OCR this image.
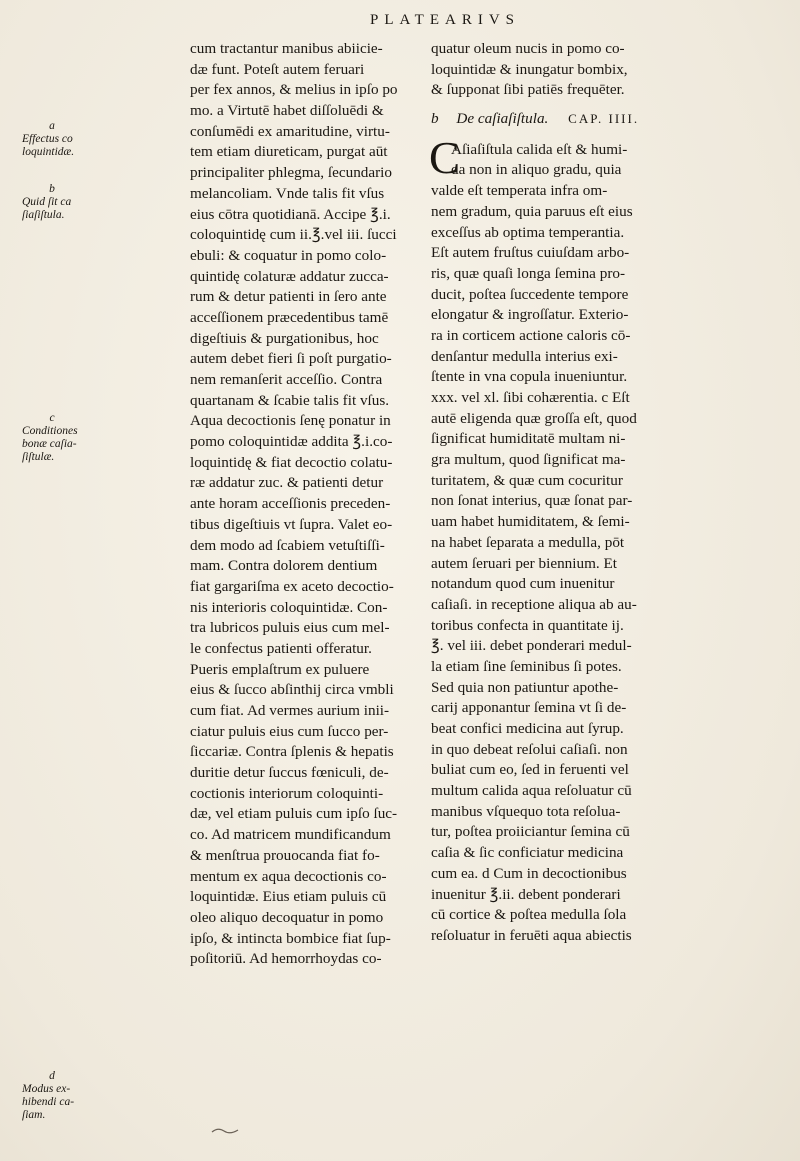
PLATEARIVS
a
Effectus co
loquintidæ.
b
Quid ſit ca
ſiaſiſtula.
c
Conditiones
bonæ caſia-
ſiſtulæ.
d
Modus ex-
hibendi ca-
ſiam.
cum tractantur manibus abiicie-
dæ funt. Poteſt autem feruari
per fex annos, & melius in ipſo po
mo. a Virtutē habet diſſoluēdi &
conſumēdi ex amaritudine, virtu-
tem etiam diureticam, purgat aūt
principaliter phlegma, ſecundario
melancoliam. Vnde talis fit vſus
eius cōtra quotidianā. Accipe ℥.i.
coloquintidę cum ii.℥.vel iii. ſucci
ebuli: & coquatur in pomo colo-
quintidę colaturæ addatur zucca-
rum & detur patienti in ſero ante
acceſſionem præcedentibus tamē
digeſtiuis & purgationibus, hoc
autem debet fieri ſi poſt purgatio-
nem remanſerit acceſſio. Contra
quartanam & ſcabie talis fit vſus.
Aqua decoctionis ſenę ponatur in
pomo coloquintidæ addita ℥.i.co-
loquintidę & fiat decoctio colatu-
ræ addatur zuc. & patienti detur
ante horam acceſſionis preceden-
tibus digeſtiuis vt ſupra. Valet eo-
dem modo ad ſcabiem vetuſtiſſi-
mam. Contra dolorem dentium
fiat gargariſma ex aceto decoctio-
nis interioris coloquintidæ. Con-
tra lubricos puluis eius cum mel-
le confectus patienti offeratur.
Pueris emplaſtrum ex puluere
eius & ſucco abſinthij circa vmbli
cum fiat. Ad vermes aurium inii-
ciatur puluis eius cum ſucco per-
ſiccariæ. Contra ſplenis & hepatis
duritie detur ſuccus fœniculi, de-
coctionis interiorum coloquinti-
dæ, vel etiam puluis cum ipſo ſuc-
co. Ad matricem mundificandum
& menſtrua prouocanda fiat fo-
mentum ex aqua decoctionis co-
loquintidæ. Eius etiam puluis cū
oleo aliquo decoquatur in pomo
ipſo, & intincta bombice fiat ſup-
poſitoriū. Ad hemorrhoydas co-
quatur oleum nucis in pomo co-
loquintidæ & inungatur bombix,
& ſupponat ſibi patiēs frequēter.
b De caſiaſiſtula. CAP. IIII.
C
Aſiaſiſtula calida eſt & humi-
da non in aliquo gradu, quia
valde eſt temperata infra om-
nem gradum, quia paruus eſt eius
exceſſus ab optima temperantia.
Eſt autem fruſtus cuiuſdam arbo-
ris, quæ quaſi longa ſemina pro-
ducit, poſtea ſuccedente tempore
elongatur & ingroſſatur. Exterio-
ra in corticem actione caloris cō-
denſantur medulla interius exi-
ſtente in vna copula inueniuntur.
xxx. vel xl. ſibi cohærentia. c Eſt
autē eligenda quæ groſſa eſt, quod
ſignificat humiditatē multam ni-
gra multum, quod ſignificat ma-
turitatem, & quæ cum cocuritur
non ſonat interius, quæ ſonat par-
uam habet humiditatem, & ſemi-
na habet ſeparata a medulla, pōt
autem ſeruari per biennium. Et
notandum quod cum inuenitur
caſiaſi. in receptione aliqua ab au-
toribus confecta in quantitate ij.
℥. vel iii. debet ponderari medul-
la etiam ſine ſeminibus ſi potes.
Sed quia non patiuntur apothe-
carij apponantur ſemina vt ſi de-
beat confici medicina aut ſyrup.
in quo debeat reſolui caſiaſi. non
buliat cum eo, ſed in feruenti vel
multum calida aqua reſoluatur cū
manibus vſquequo tota reſolua-
tur, poſtea proiiciantur ſemina cū
caſia & ſic conficiatur medicina
cum ea. d Cum in decoctionibus
inuenitur ℥.ii. debent ponderari
cū cortice & poſtea medulla ſola
reſoluatur in feruēti aqua abiectis
